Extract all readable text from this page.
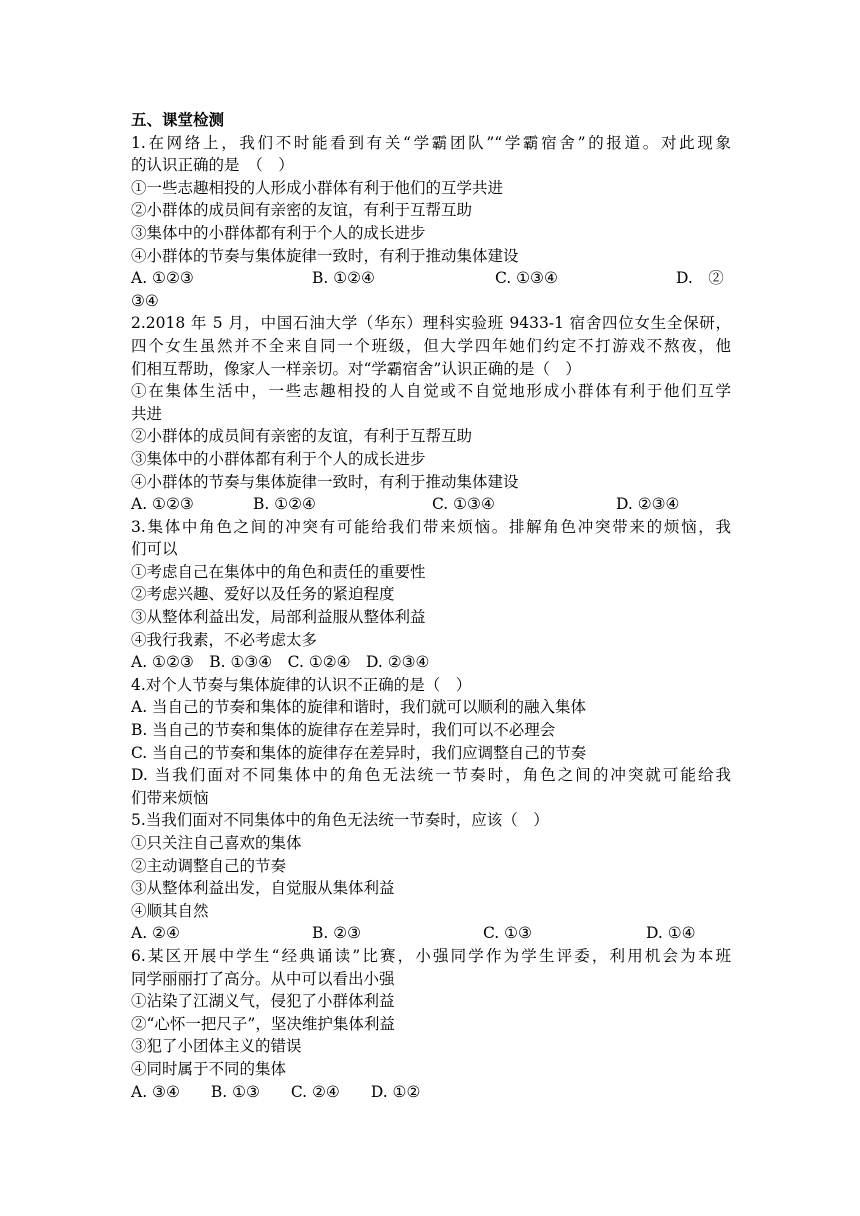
五、课堂检测
1.在网络上，我们不时能看到有关“学霸团队”“学霸宿舍”的报道。对此现象
的认识正确的是　（　）
①一些志趣相投的人形成小群体有利于他们的互学共进
②小群体的成员间有亲密的友谊，有利于互帮互助
③集体中的小群体都有利于个人的成长进步
④小群体的节奏与集体旋律一致时，有利于推动集体建设
A. ①②③	B. ①②④	C. ①③④	D.　②
③④
2.2018 年 5 月，中国石油大学（华东）理科实验班 9433-1 宿舍四位女生全保研，
四个女生虽然并不全来自同一个班级，但大学四年她们约定不打游戏不熬夜，他
们相互帮助，像家人一样亲切。对“学霸宿舍”认识正确的是（　）
①在集体生活中，一些志趣相投的人自觉或不自觉地形成小群体有利于他们互学
共进
②小群体的成员间有亲密的友谊，有利于互帮互助
③集体中的小群体都有利于个人的成长进步
④小群体的节奏与集体旋律一致时，有利于推动集体建设
A. ①②③	B. ①②④	C. ①③④	D. ②③④
3.集体中角色之间的冲突有可能给我们带来烦恼。排解角色冲突带来的烦恼，我
们可以
①考虑自己在集体中的角色和责任的重要性
②考虑兴趣、爱好以及任务的紧迫程度
③从整体利益出发，局部利益服从整体利益
④我行我素，不必考虑太多
A. ①②③　B. ①③④　C. ①②④　D. ②③④
4.对个人节奏与集体旋律的认识不正确的是（　）
A. 当自己的节奏和集体的旋律和谐时，我们就可以顺利的融入集体
B. 当自己的节奏和集体的旋律存在差异时，我们可以不必理会
C. 当自己的节奏和集体的旋律存在差异时，我们应调整自己的节奏
D. 当我们面对不同集体中的角色无法统一节奏时，角色之间的冲突就可能给我
们带来烦恼
5.当我们面对不同集体中的角色无法统一节奏时，应该（　）
①只关注自己喜欢的集体
②主动调整自己的节奏
③从整体利益出发，自觉服从集体利益
④顺其自然
A. ②④	B. ②③	C. ①③	D. ①④
6.某区开展中学生“经典诵读”比赛，小强同学作为学生评委，利用机会为本班
同学丽丽打了高分。从中可以看出小强
①沾染了江湖义气，侵犯了小群体利益
②“心怀一把尺子”，坚决维护集体利益
③犯了小团体主义的错误
④同时属于不同的集体
A. ③④　　B. ①③　　C. ②④　　D. ①②
